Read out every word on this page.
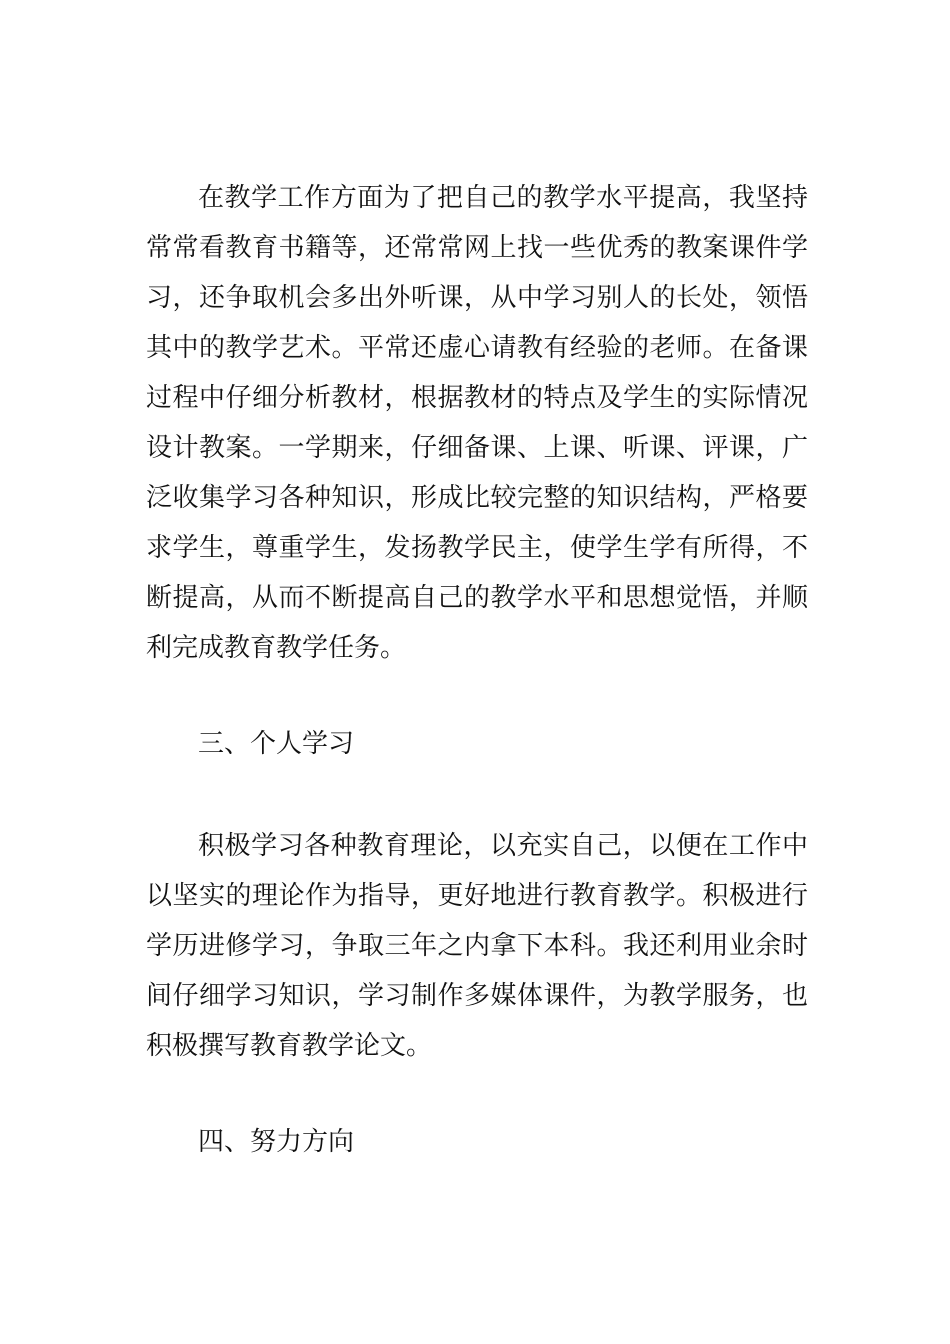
在教学工作方面为了把自己的教学水平提高，我坚持常常看教育书籍等，还常常网上找一些优秀的教案课件学习，还争取机会多出外听课，从中学习别人的长处，领悟其中的教学艺术。平常还虚心请教有经验的老师。在备课过程中仔细分析教材，根据教材的特点及学生的实际情况设计教案。一学期来，仔细备课、上课、听课、评课，广泛收集学习各种知识，形成比较完整的知识结构，严格要求学生，尊重学生，发扬教学民主，使学生学有所得，不断提高，从而不断提高自己的教学水平和思想觉悟，并顺利完成教育教学任务。

三、个人学习

积极学习各种教育理论，以充实自己，以便在工作中以坚实的理论作为指导，更好地进行教育教学。积极进行学历进修学习，争取三年之内拿下本科。我还利用业余时间仔细学习知识，学习制作多媒体课件，为教学服务，也积极撰写教育教学论文。

四、努力方向
